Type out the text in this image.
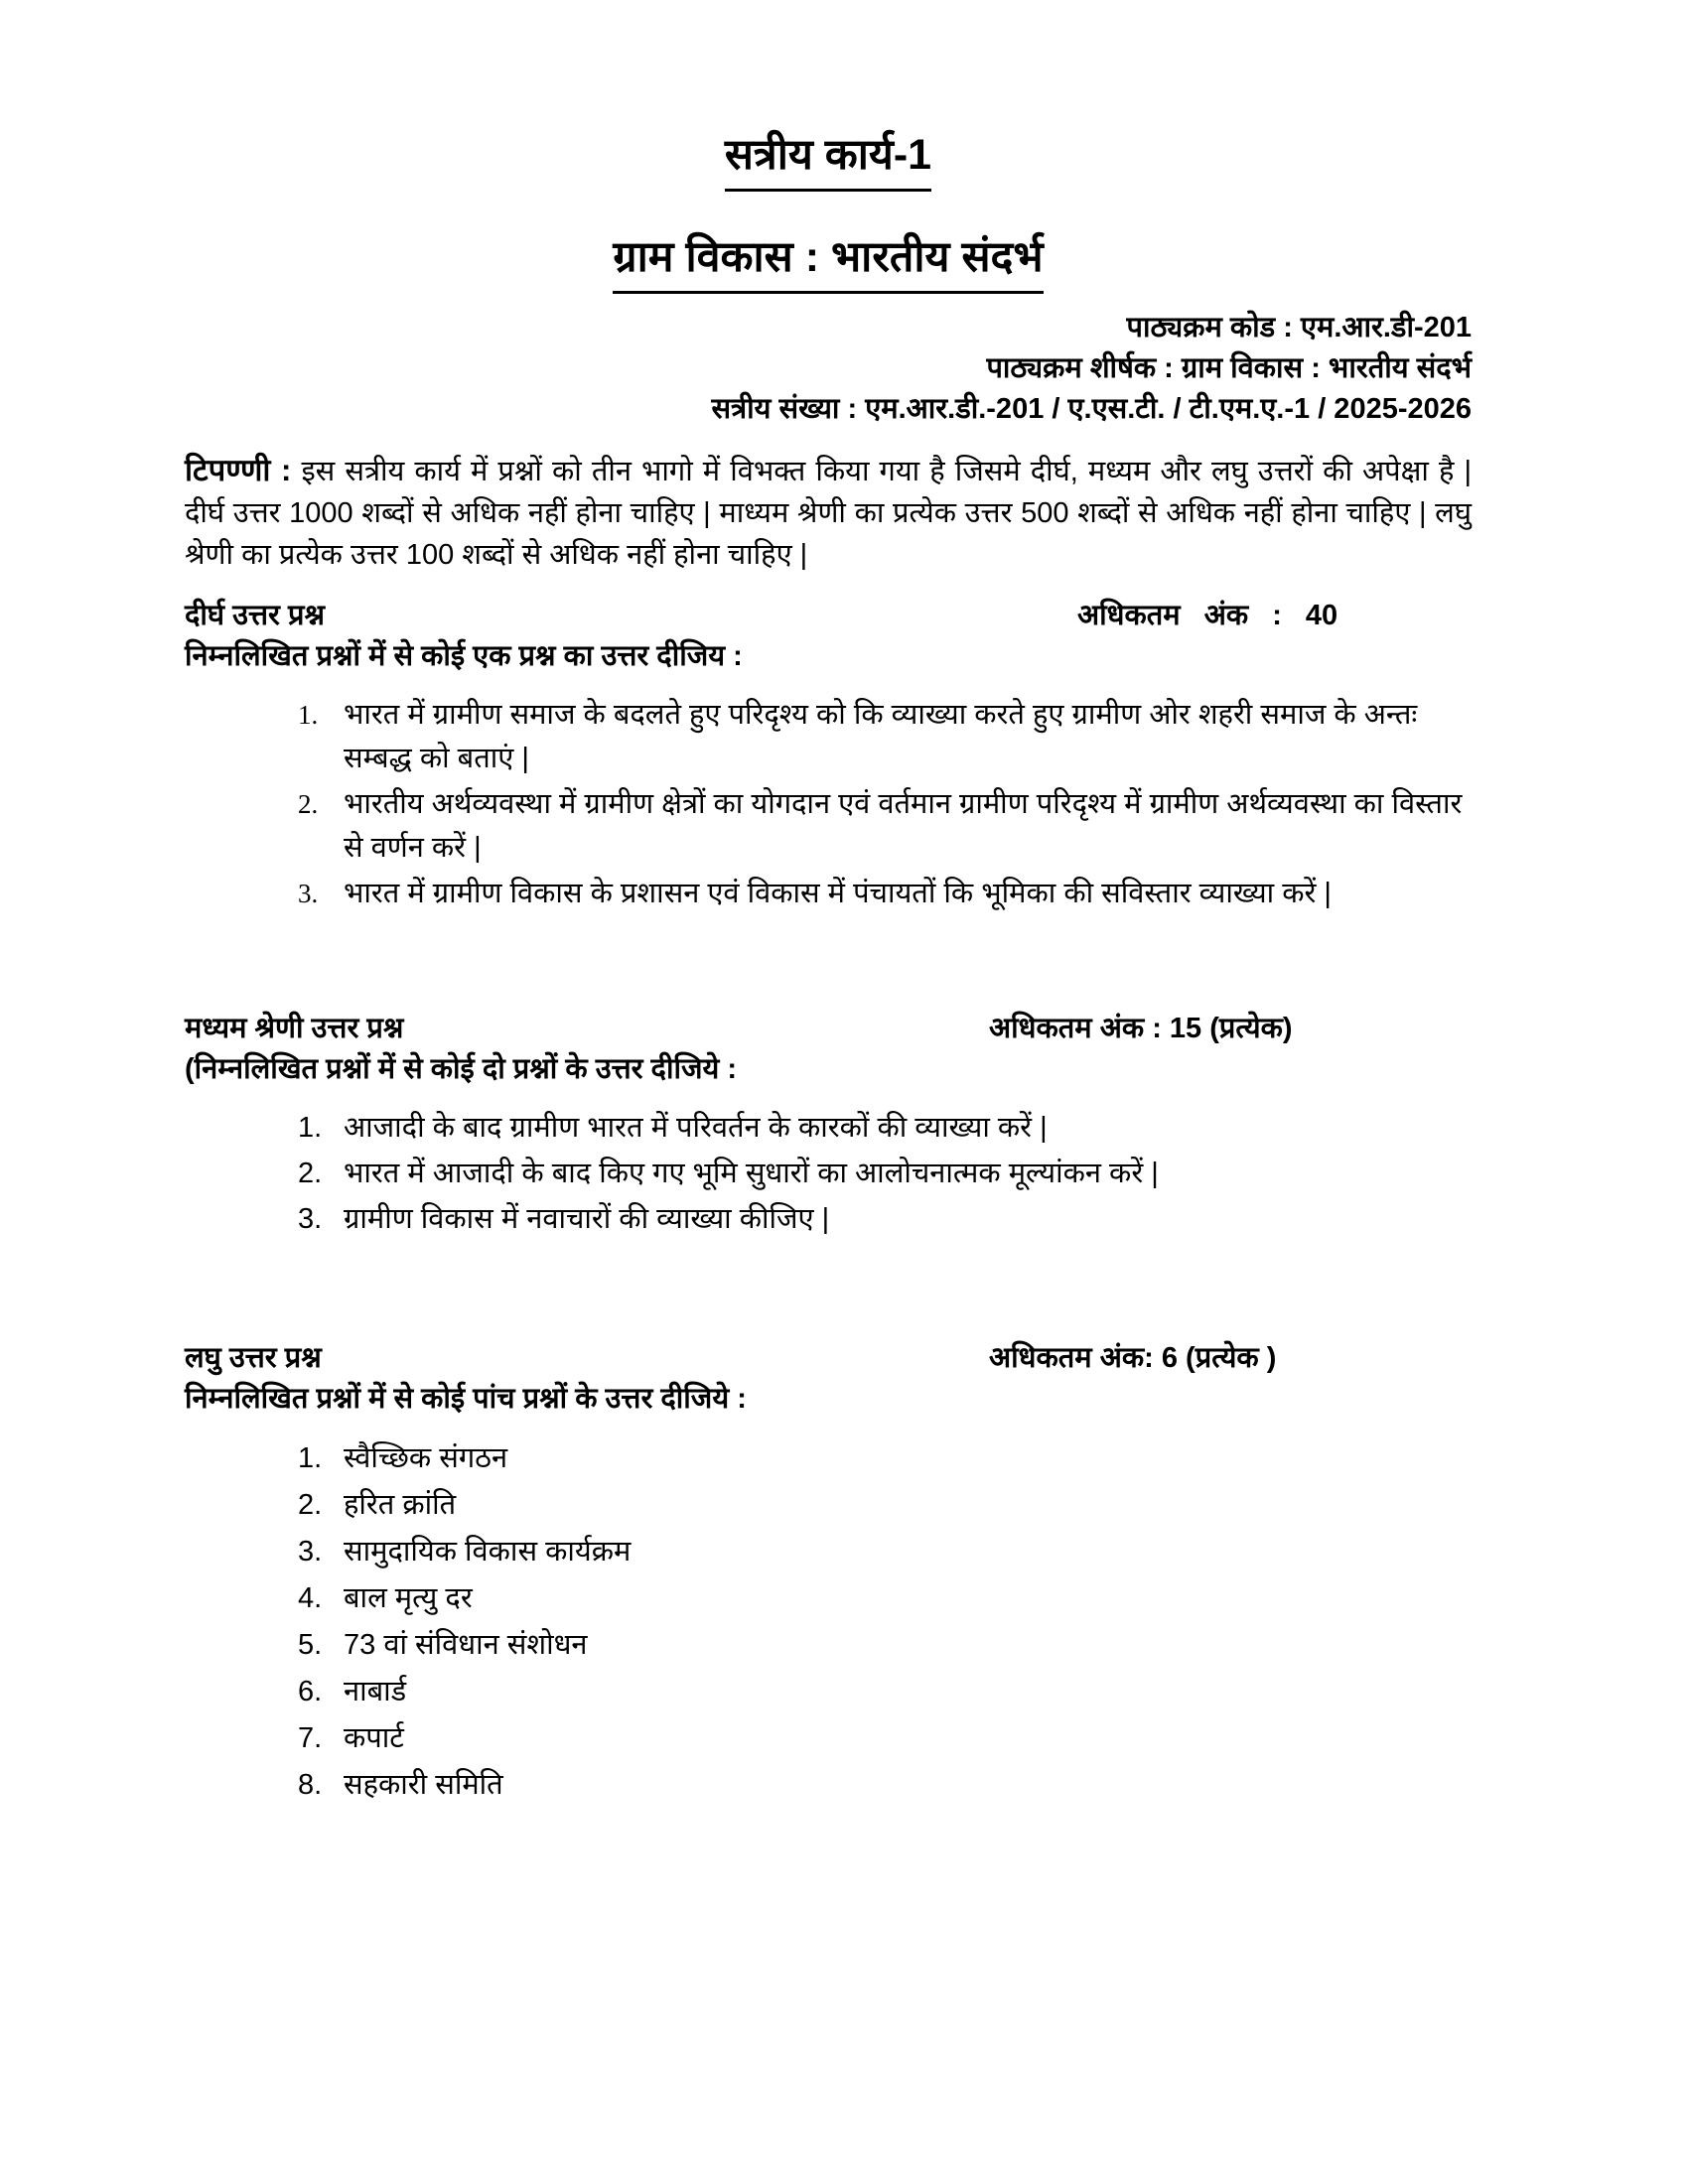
सत्रीय कार्य-1
ग्राम विकास : भारतीय संदर्भ
पाठ्यक्रम कोड : एम.आर.डी-201
पाठ्यक्रम शीर्षक : ग्राम विकास : भारतीय संदर्भ
सत्रीय संख्या : एम.आर.डी.-201 / ए.एस.टी. / टी.एम.ए.-1 / 2025-2026

टिपण्णी : इस सत्रीय कार्य में प्रश्नों को तीन भागो में विभक्त किया गया है जिसमे दीर्घ, मध्यम और लघु उत्तरों की अपेक्षा है | दीर्घ उत्तर 1000 शब्दों से अधिक नहीं होना चाहिए | माध्यम श्रेणी का प्रत्येक उत्तर 500 शब्दों से अधिक नहीं होना चाहिए | लघु श्रेणी का प्रत्येक उत्तर 100 शब्दों से अधिक नहीं होना चाहिए |

दीर्घ उत्तर प्रश्न	अधिकतम अंक : 40
निम्नलिखित प्रश्नों में से कोई एक प्रश्न का उत्तर दीजिय :
1. भारत में ग्रामीण समाज के बदलते हुए परिदृश्य को कि व्याख्या करते हुए ग्रामीण ओर शहरी समाज के अन्तः सम्बद्ध को बताएं |
2. भारतीय अर्थव्यवस्था में ग्रामीण क्षेत्रों का योगदान एवं वर्तमान ग्रामीण परिदृश्य में ग्रामीण अर्थव्यवस्था का विस्तार से वर्णन करें |
3. भारत में ग्रामीण विकास के प्रशासन एवं विकास में पंचायतों कि भूमिका की सविस्तार व्याख्या करें |
मध्यम श्रेणी उत्तर प्रश्न	अधिकतम अंक : 15 (प्रत्येक)
(निम्नलिखित प्रश्नों में से कोई दो प्रश्नों के उत्तर दीजिये :
1. आजादी के बाद ग्रामीण भारत में परिवर्तन के कारकों की व्याख्या करें |
2. भारत में आजादी के बाद किए गए भूमि सुधारों का आलोचनात्मक मूल्यांकन करें |
3. ग्रामीण विकास में नवाचारों की व्याख्या कीजिए |
लघु उत्तर प्रश्न	अधिकतम अंक: 6 (प्रत्येक )
निम्नलिखित प्रश्नों में से कोई पांच प्रश्नों के उत्तर दीजिये :
1. स्वैच्छिक संगठन
2. हरित क्रांति
3. सामुदायिक विकास कार्यक्रम
4. बाल मृत्यु दर
5. 73 वां संविधान संशोधन
6. नाबार्ड
7. कपार्ट
8. सहकारी समिति
